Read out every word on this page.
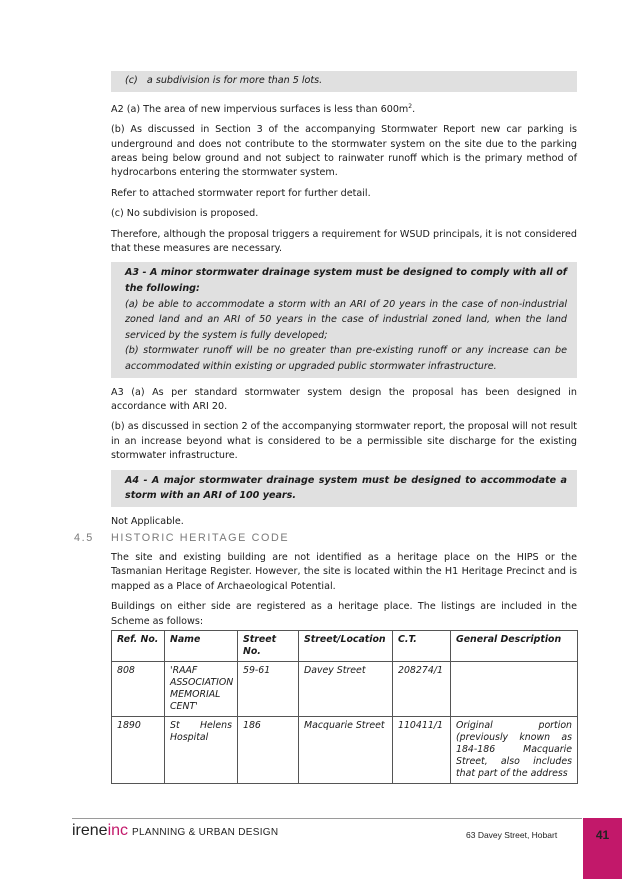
(c) a subdivision is for more than 5 lots.

A2 (a) The area of new impervious surfaces is less than $600m^2$.

(b) As discussed in Section 3 of the accompanying Stormwater Report new car parking is underground and does not contribute to the stormwater system on the site due to the parking areas being below ground and not subject to rainwater runoff which is the primary method of hydrocarbons entering the stormwater system.

Refer to attached stormwater report for further detail.

(c) No subdivision is proposed.

Therefore, although the proposal triggers a requirement for WSUD principals, it is not considered that these measures are necessary.

A3 - A minor stormwater drainage system must be designed to comply with all of the following:

(a) be able to accommodate a storm with an ARI of 20 years in the case of non-industrial zoned land and an ARI of 50 years in the case of industrial zoned land, when the land serviced by the system is fully developed;

(b) stormwater runoff will be no greater than pre-existing runoff or any increase can be accommodated within existing or upgraded public stormwater infrastructure.

A3 (a) As per standard stormwater system design the proposal has been designed in accordance with ARI 20.

(b) as discussed in section 2 of the accompanying stormwater report, the proposal will not result in an increase beyond what is considered to be a permissible site discharge for the existing stormwater infrastructure.

A4 - A major stormwater drainage system must be designed to accommodate a storm with an ARI of 100 years.

Not Applicable.

4.5 HISTORIC HERITAGE CODE

The site and existing building are not identified as a heritage place on the HIPS or the Tasmanian Heritage Register. However, the site is located within the H1 Heritage Precinct and is mapped as a Place of Archaeological Potential.

Buildings on either side are registered as a heritage place. The listings are included in the Scheme as follows:

Ref. No.	Name	Street No.	Street/Location	C.T.	General Description
808	'RAAF ASSOCIATION MEMORIAL CENT'	59-61	Davey Street	208274/1	
1890	St Helens Hospital	186	Macquarie Street	110411/1	Original portion (previously known as 184-186 Macquarie Street, also includes that part of the address
ireneinc PLANNING & URBAN DESIGN	63 Davey Street, Hobart	41
